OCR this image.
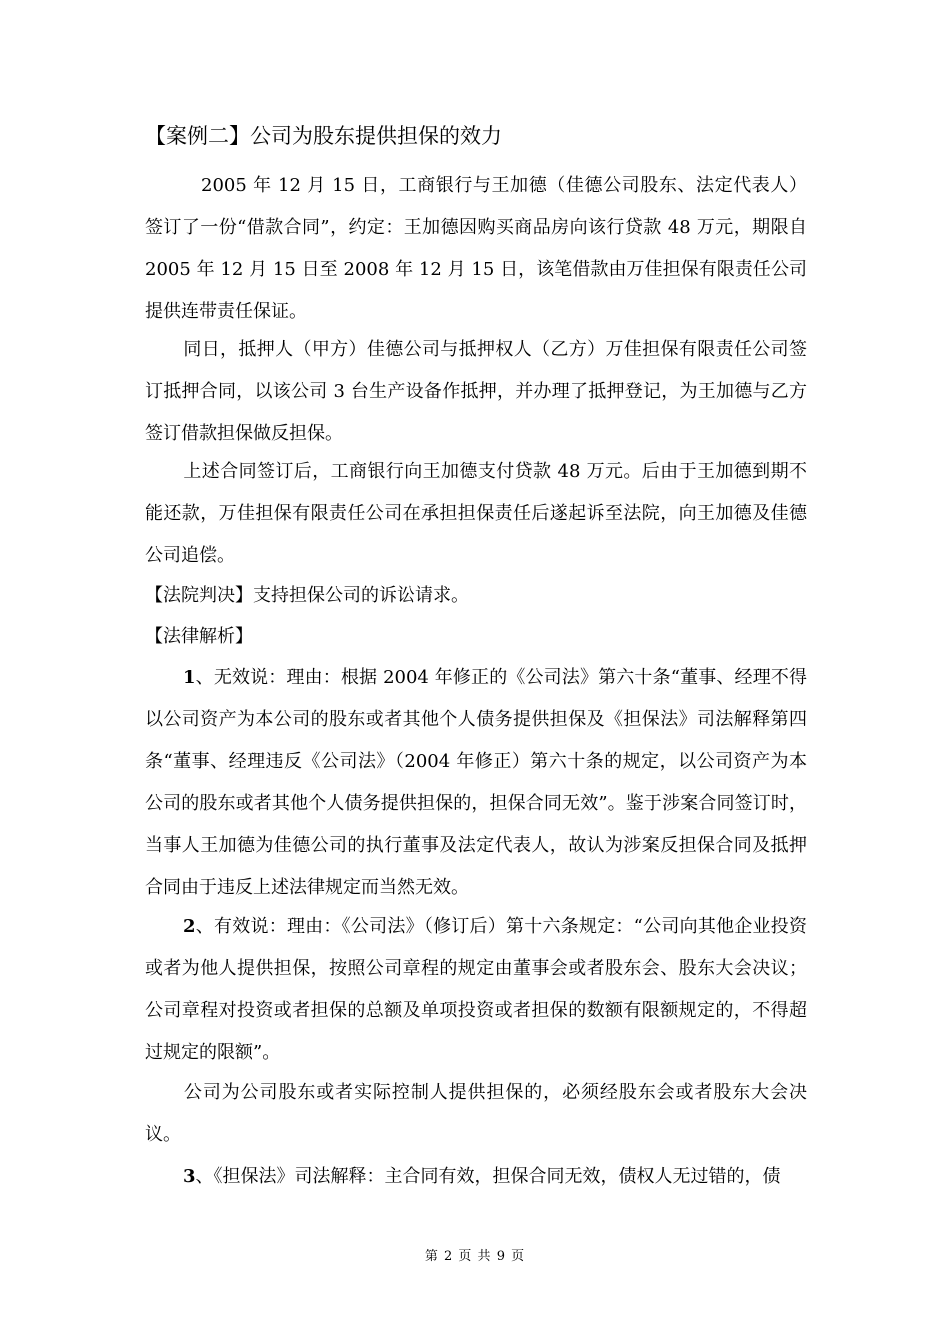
【案例二】公司为股东提供担保的效力
2005 年 12 月 15 日，工商银行与王加德（佳德公司股东、法定代表人）签订了一份“借款合同”，约定：王加德因购买商品房向该行贷款 48 万元，期限自 2005 年 12 月 15 日至 2008 年 12 月 15 日，该笔借款由万佳担保有限责任公司提供连带责任保证。
同日，抵押人（甲方）佳德公司与抵押权人（乙方）万佳担保有限责任公司签订抵押合同，以该公司 3 台生产设备作抵押，并办理了抵押登记，为王加德与乙方签订借款担保做反担保。
上述合同签订后，工商银行向王加德支付贷款 48 万元。后由于王加德到期不能还款，万佳担保有限责任公司在承担担保责任后遂起诉至法院，向王加德及佳德公司追偿。
【法院判决】支持担保公司的诉讼请求。
【法律解析】
1、无效说：理由：根据 2004 年修正的《公司法》第六十条“董事、经理不得以公司资产为本公司的股东或者其他个人债务提供担保及《担保法》司法解释第四条“董事、经理违反《公司法》（2004 年修正）第六十条的规定，以公司资产为本公司的股东或者其他个人债务提供担保的，担保合同无效”。鉴于涉案合同签订时，当事人王加德为佳德公司的执行董事及法定代表人，故认为涉案反担保合同及抵押合同由于违反上述法律规定而当然无效。
2、有效说：理由：《公司法》（修订后）第十六条规定：“公司向其他企业投资或者为他人提供担保，按照公司章程的规定由董事会或者股东会、股东大会决议；公司章程对投资或者担保的总额及单项投资或者担保的数额有限额规定的，不得超过规定的限额”。
公司为公司股东或者实际控制人提供担保的，必须经股东会或者股东大会决议。
3、《担保法》司法解释：主合同有效，担保合同无效，债权人无过错的，债
第 2 页 共 9 页
